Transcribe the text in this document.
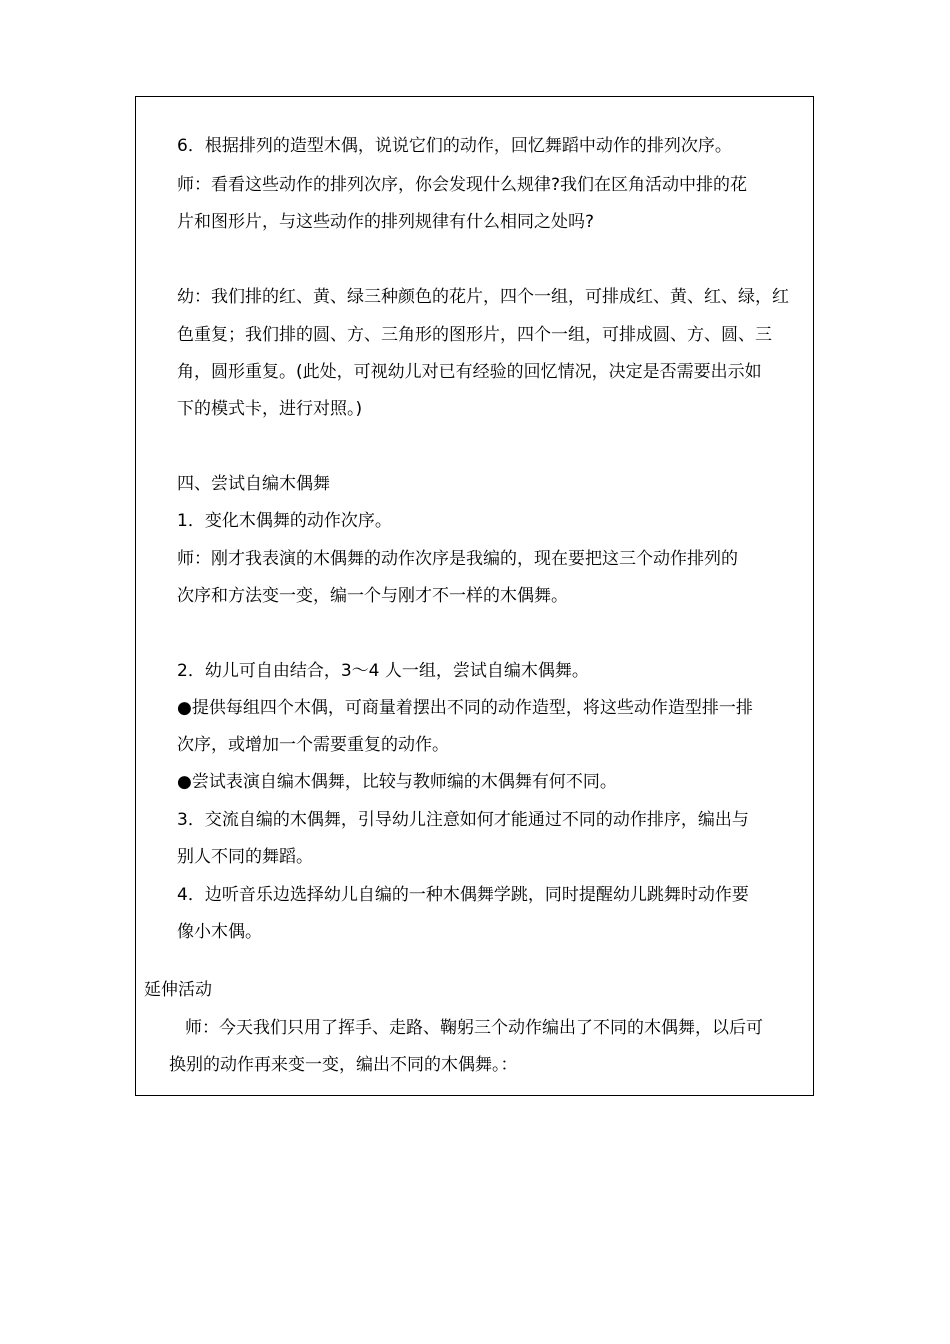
6．根据排列的造型木偶，说说它们的动作，回忆舞蹈中动作的排列次序。
师：看看这些动作的排列次序，你会发现什么规律?我们在区角活动中排的花
片和图形片，与这些动作的排列规律有什么相同之处吗?
幼：我们排的红、黄、绿三种颜色的花片，四个一组，可排成红、黄、红、绿，红
色重复；我们排的圆、方、三角形的图形片，四个一组，可排成圆、方、圆、三
角，圆形重复。(此处，可视幼儿对已有经验的回忆情况，决定是否需要出示如
下的模式卡，进行对照。)
四、尝试自编木偶舞
1．变化木偶舞的动作次序。
师：刚才我表演的木偶舞的动作次序是我编的，现在要把这三个动作排列的
次序和方法变一变，编一个与刚才不一样的木偶舞。
2．幼儿可自由结合，3～4 人一组，尝试自编木偶舞。
●提供每组四个木偶，可商量着摆出不同的动作造型，将这些动作造型排一排
次序，或增加一个需要重复的动作。
●尝试表演自编木偶舞，比较与教师编的木偶舞有何不同。
3．交流自编的木偶舞，引导幼儿注意如何才能通过不同的动作排序，编出与
别人不同的舞蹈。
4．边听音乐边选择幼儿自编的一种木偶舞学跳，同时提醒幼儿跳舞时动作要
像小木偶。
延伸活动
师：今天我们只用了挥手、走路、鞠躬三个动作编出了不同的木偶舞，以后可
换别的动作再来变一变，编出不同的木偶舞。：
